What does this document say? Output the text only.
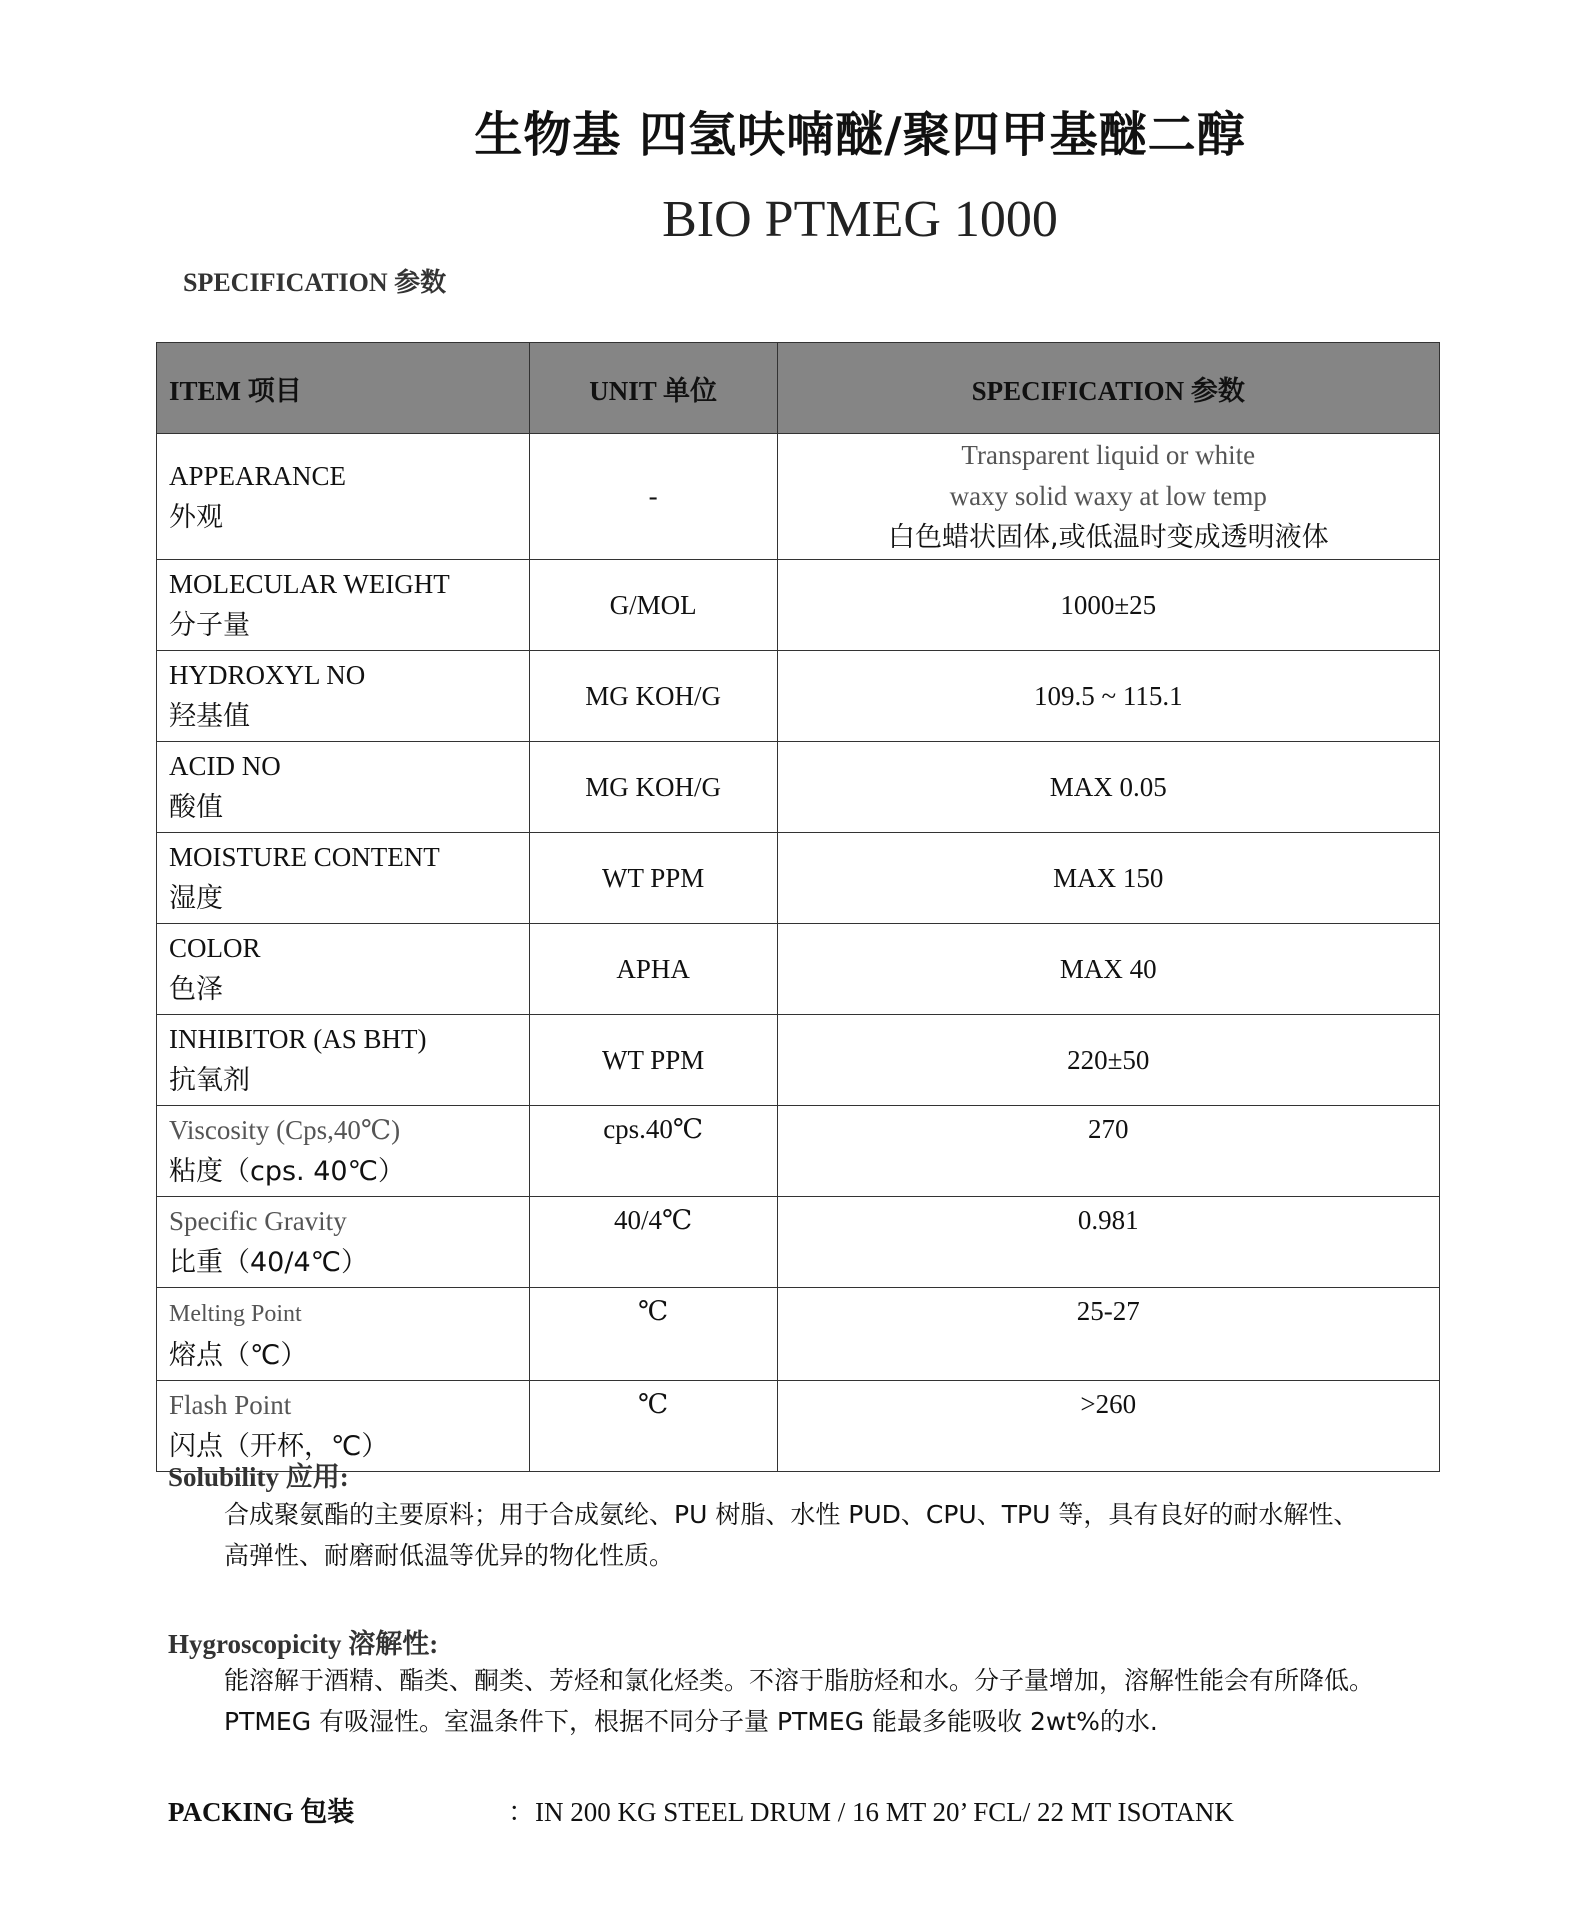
生物基 四氢呋喃醚/聚四甲基醚二醇
BIO PTMEG 1000
SPECIFICATION 参数
ITEM 项目	UNIT 单位	SPECIFICATION 参数
APPEARANCE
外观	-	Transparent liquid or white
waxy solid waxy at low temp
白色蜡状固体,或低温时变成透明液体

MOLECULAR WEIGHT
分子量	G/MOL	1000±25
HYDROXYL NO
羟基值	MG KOH/G	109.5 ~ 115.1
ACID NO
酸值	MG KOH/G	MAX 0.05
MOISTURE CONTENT
湿度	WT PPM	MAX 150
COLOR
色泽	APHA	MAX 40
INHIBITOR (AS BHT)
抗氧剂	WT PPM	220±50
Viscosity (Cps,40℃)
粘度（cps. 40℃）	cps.40℃	270
Specific Gravity
比重（40/4℃）	40/4℃	0.981
Melting Point
熔点（℃）	℃	25-27
Flash Point
闪点（开杯，℃）	℃	>260
Solubility 应用:
合成聚氨酯的主要原料；用于合成氨纶、PU 树脂、水性 PUD、CPU、TPU 等，具有良好的耐水解性、
高弹性、耐磨耐低温等优异的物化性质。
Hygroscopicity 溶解性:
能溶解于酒精、酯类、酮类、芳烃和氯化烃类。不溶于脂肪烃和水。分子量增加，溶解性能会有所降低。
PTMEG 有吸湿性。室温条件下，根据不同分子量 PTMEG 能最多能吸收 2wt%的水.
PACKING 包装	：IN 200 KG STEEL DRUM / 16 MT 20’ FCL/ 22 MT ISOTANK
